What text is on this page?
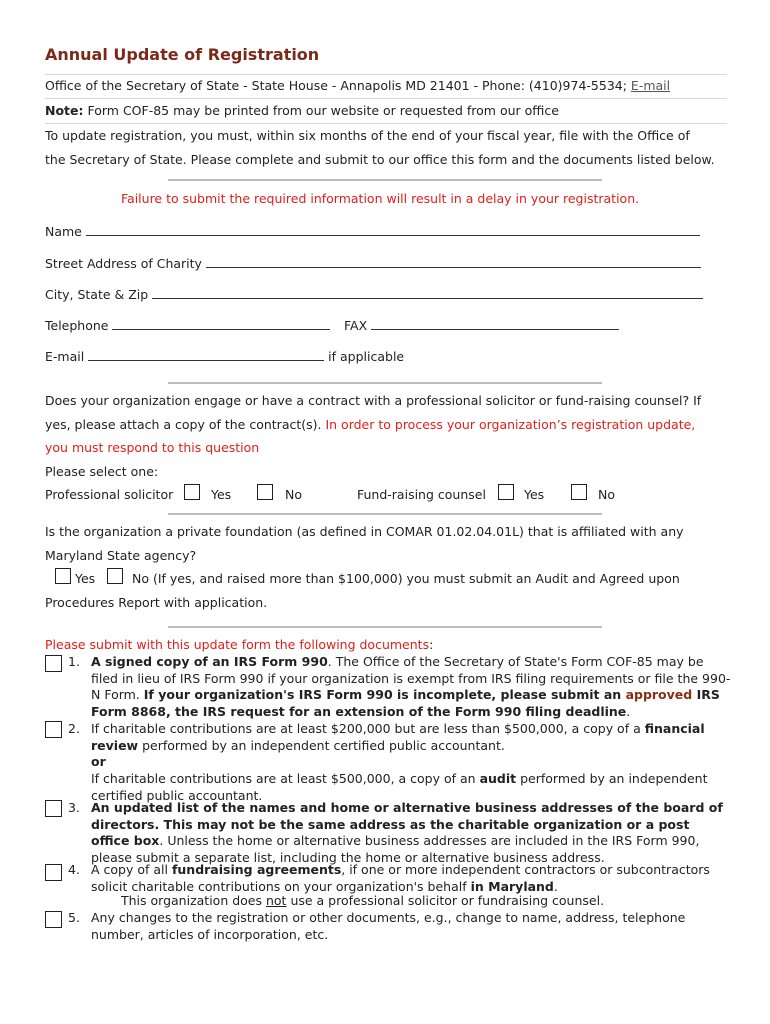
Annual Update of Registration
Office of the Secretary of State - State House - Annapolis MD 21401 - Phone: (410)974-5534; E-mail
Note: Form COF-85 may be printed from our website or requested from our office
To update registration, you must, within six months of the end of your fiscal year, file with the Office of
the Secretary of State. Please complete and submit to our office this form and the documents listed below.
Failure to submit the required information will result in a delay in your registration.
Name
Street Address of Charity
City, State & Zip
Telephone	FAX
E-mail	if applicable
Does your organization engage or have a contract with a professional solicitor or fund-raising counsel? If
yes, please attach a copy of the contract(s). In order to process your organization’s registration update,
you must respond to this question
Please select one:
Professional solicitor	Yes	No	Fund-raising counsel	Yes	No
Is the organization a private foundation (as defined in COMAR 01.02.04.01L) that is affiliated with any
Maryland State agency?
Yes	No (If yes, and raised more than $100,000) you must submit an Audit and Agreed upon
Procedures Report with application.
Please submit with this update form the following documents:
1. A signed copy of an IRS Form 990. The Office of the Secretary of State's Form COF-85 may be filed in lieu of IRS Form 990 if your organization is exempt from IRS filing requirements or file the 990-N Form. If your organization's IRS Form 990 is incomplete, please submit an approved IRS Form 8868, the IRS request for an extension of the Form 990 filing deadline.
2. If charitable contributions are at least $200,000 but are less than $500,000, a copy of a financial review performed by an independent certified public accountant.
or
If charitable contributions are at least $500,000, a copy of an audit performed by an independent certified public accountant.
3. An updated list of the names and home or alternative business addresses of the board of directors. This may not be the same address as the charitable organization or a post office box. Unless the home or alternative business addresses are included in the IRS Form 990, please submit a separate list, including the home or alternative business address.
4. A copy of all fundraising agreements, if one or more independent contractors or subcontractors solicit charitable contributions on your organization's behalf in Maryland.
This organization does not use a professional solicitor or fundraising counsel.
5. Any changes to the registration or other documents, e.g., change to name, address, telephone number, articles of incorporation, etc.
